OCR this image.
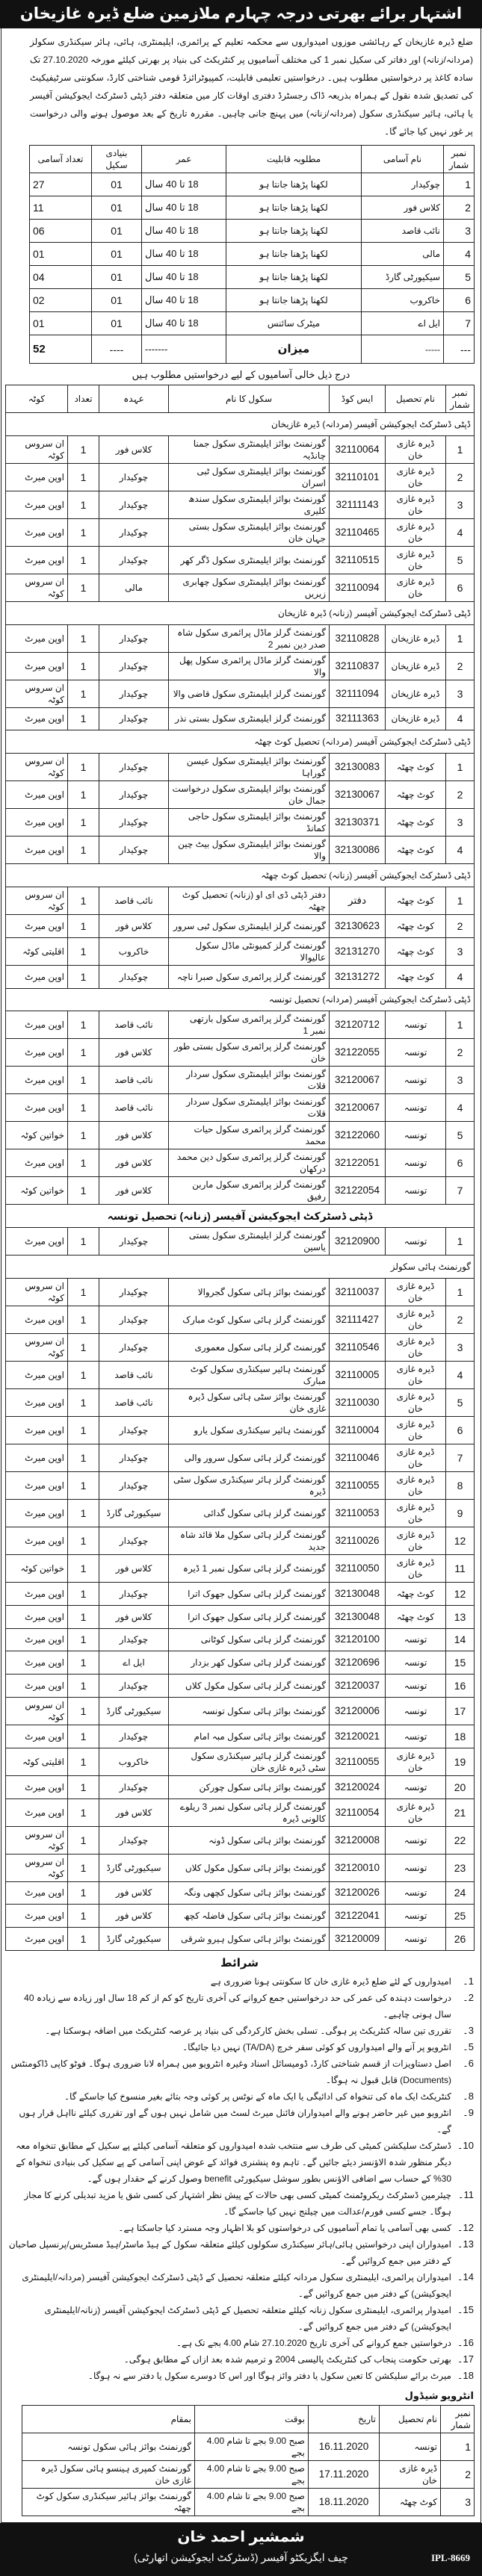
اشتہار برائے بھرتی درجہ چہارم ملازمین ضلع ڈیرہ غازیخان
ضلع ڈیرہ غازیخان کے رہائشی موزوں امیدواروں سے محکمہ تعلیم کے پرائمری، ایلیمنٹری، ہائی، ہائر سیکنڈری سکولز (مردانہ/زنانہ) اور دفاتر کی سکیل نمبر 1 کی مختلف آسامیوں پر کنٹریکٹ کی بنیاد پر بھرتی کیلئے مورخہ 27.10.2020 تک سادہ کاغذ پر درخواستیں مطلوب ہیں۔ درخواستیں تعلیمی قابلیت، کمپیوٹرائزڈ قومی شناختی کارڈ، سکونتی سرٹیفیکیٹ کی تصدیق شدہ نقول کے ہمراہ بذریعہ ڈاک رجسٹرڈ دفتری اوقات کار میں متعلقہ دفتر ڈپٹی ڈسٹرکٹ ایجوکیشن آفیسر یا ہائی، ہائیر سیکنڈری سکول (مردانہ/زنانہ) میں پہنچ جانی چاہیں۔ مقررہ تاریخ کے بعد موصول ہونے والی درخواست پر غور نہیں کیا جائے گا۔
نمبر شمار	نام آسامی	مطلوبہ قابلیت	عمر	بنیادی سکیل	تعداد آسامی
1	چوکیدار	لکھنا پڑھنا جانتا ہو	18 تا 40 سال	01	27
2	کلاس فور	لکھنا پڑھنا جانتا ہو	18 تا 40 سال	01	11
3	نائب قاصد	لکھنا پڑھنا جانتا ہو	18 تا 40 سال	01	06
4	مالی	لکھنا پڑھنا جانتا ہو	18 تا 40 سال	01	01
5	سیکیورٹی گارڈ	لکھنا پڑھنا جانتا ہو	18 تا 40 سال	01	04
6	خاکروب	لکھنا پڑھنا جانتا ہو	18 تا 40 سال	01	02
7	ایل اے	میٹرک سائنس	18 تا 40 سال	01	01
---	-----	میزان	-------	----	52
درج ذیل خالی آسامیوں کے لیے درخواستیں مطلوب ہیں
نمبر شمار	نام تحصیل	ایس کوڈ	سکول کا نام	عہدہ	تعداد	کوٹہ
ڈپٹی ڈسٹرکٹ ایجوکیشن آفیسر (مردانہ) ڈیرہ غازیخان						
1	ڈیرہ غازی خان	32110064	گورنمنٹ بوائز ایلیمنٹری سکول جمنا چانڈیہ	کلاس فور	1	ان سروس کوٹہ
2	ڈیرہ غازی خان	32110101	گورنمنٹ بوائز ایلیمنٹری سکول ٹبی اسران	چوکیدار	1	اوپن میرٹ
3	ڈیرہ غازی خان	32111143	گورنمنٹ بوائز ایلیمنٹری سکول سندھ کلیری	چوکیدار	1	اوپن میرٹ
4	ڈیرہ غازی خان	32110465	گورنمنٹ بوائز ایلیمنٹری سکول بستی جہان خان	چوکیدار	1	اوپن میرٹ
5	ڈیرہ غازی خان	32110515	گورنمنٹ بوائز ایلیمنٹری سکول ڈگر کھر	چوکیدار	1	اوپن میرٹ
6	ڈیرہ غازی خان	32110094	گورنمنٹ بوائز ایلیمنٹری سکول چھابری زیریں	مالی	1	ان سروس کوٹہ
ڈپٹی ڈسٹرکٹ ایجوکیشن آفیسر (زنانہ) ڈیرہ غازیخان						
1	ڈیرہ غازیخان	32110828	گورنمنٹ گرلز ماڈل پرائمری سکول شاہ صدر دین نمبر 2	چوکیدار	1	اوپن میرٹ
2	ڈیرہ غازیخان	32110837	گورنمنٹ گرلز ماڈل پرائمری سکول پھل والا	چوکیدار	1	اوپن میرٹ
3	ڈیرہ غازیخان	32111094	گورنمنٹ گرلز ایلیمنٹری سکول قاضی والا	چوکیدار	1	ان سروس کوٹہ
4	ڈیرہ غازیخان	32111363	گورنمنٹ گرلز ایلیمنٹری سکول بستی نذر	چوکیدار	1	اوپن میرٹ
ڈپٹی ڈسٹرکٹ ایجوکیشن آفیسر (مردانہ) تحصیل کوٹ چھٹہ						
1	کوٹ چھٹہ	32130083	گورنمنٹ بوائز ایلیمنٹری سکول عیسن گوراہا	چوکیدار	1	ان سروس کوٹہ
2	کوٹ چھٹہ	32130067	گورنمنٹ بوائز ایلیمنٹری سکول درخواست جمال خان	چوکیدار	1	اوپن میرٹ
3	کوٹ چھٹہ	32130371	گورنمنٹ بوائز ایلیمنٹری سکول حاجی کمانڈ	چوکیدار	1	اوپن میرٹ
4	کوٹ چھٹہ	32130086	گورنمنٹ بوائز ایلیمنٹری سکول بیٹ چین والا	چوکیدار	1	اوپن میرٹ
ڈپٹی ڈسٹرکٹ ایجوکیشن آفیسر (زنانہ) تحصیل کوٹ چھٹہ						
1	کوٹ چھٹہ	دفتر	دفتر ڈپٹی ڈی ای او (زنانہ) تحصیل کوٹ چھٹہ	نائب قاصد	1	ان سروس کوٹہ
2	کوٹ چھٹہ	32130623	گورنمنٹ گرلز ایلیمنٹری سکول ٹبی سرور	کلاس فور	1	اوپن میرٹ
3	کوٹ چھٹہ	32131270	گورنمنٹ گرلز کمیونٹی ماڈل سکول عالیوالا	خاکروب	1	اقلیتی کوٹہ
4	کوٹ چھٹہ	32131272	گورنمنٹ گرلز پرائمری سکول صبرا ناچہ	چوکیدار	1	اوپن میرٹ
ڈپٹی ڈسٹرکٹ ایجوکیشن آفیسر (مردانہ) تحصیل تونسہ						
1	تونسہ	32120712	گورنمنٹ گرلز پرائمری سکول بارتھی نمبر 1	نائب قاصد	1	اوپن میرٹ
2	تونسہ	32122055	گورنمنٹ گرلز پرائمری سکول بستی طور خان	کلاس فور	1	اوپن میرٹ
3	تونسہ	32120067	گورنمنٹ بوائز ایلیمنٹری سکول سردار قلات	نائب قاصد	1	اوپن میرٹ
4	تونسہ	32120067	گورنمنٹ بوائز ایلیمنٹری سکول سردار قلات	نائب قاصد	1	اوپن میرٹ
5	تونسہ	32122060	گورنمنٹ گرلز پرائمری سکول حیات محمد	کلاس فور	1	خواتین کوٹہ
6	تونسہ	32122051	گورنمنٹ گرلز پرائمری سکول دین محمد درکھان	کلاس فور	1	اوپن میرٹ
7	تونسہ	32122054	گورنمنٹ گرلز پرائمری سکول ماربن رفیق	کلاس فور	1	خواتین کوٹہ
ڈپٹی ڈسٹرکٹ ایجوکیشن آفیسر (زنانہ) تحصیل تونسہ						
1	تونسہ	32120900	گورنمنٹ گرلز ایلیمنٹری سکول بستی یاسین	چوکیدار	1	اوپن میرٹ
گورنمنٹ ہائی سکولز						
1	ڈیرہ غازی خان	32110037	گورنمنٹ بوائز ہائی سکول گجروالا	چوکیدار	1	ان سروس کوٹہ
2	ڈیرہ غازی خان	32111427	گورنمنٹ گرلز ہائی سکول کوٹ مبارک	چوکیدار	1	اوپن میرٹ
3	ڈیرہ غازی خان	32110546	گورنمنٹ گرلز ہائی سکول معموری	چوکیدار	1	ان سروس کوٹہ
4	ڈیرہ غازی خان	32110005	گورنمنٹ ہائیر سیکنڈری سکول کوٹ مبارک	نائب قاصد	1	اوپن میرٹ
5	ڈیرہ غازی خان	32110030	گورنمنٹ بوائز سٹی ہائی سکول ڈیرہ غازی خان	نائب قاصد	1	اوپن میرٹ
6	ڈیرہ غازی خان	32110004	گورنمنٹ ہائیر سیکنڈری سکول یارو	چوکیدار	1	اوپن میرٹ
7	ڈیرہ غازی خان	32110046	گورنمنٹ گرلز ہائی سکول سرور والی	چوکیدار	1	اوپن میرٹ
8	ڈیرہ غازی خان	32110055	گورنمنٹ گرلز ہائر سیکنڈری سکول سٹی ڈیرہ	چوکیدار	1	اوپن میرٹ
9	ڈیرہ غازی خان	32110053	گورنمنٹ گرلز ہائی سکول گدائی	سیکیورٹی گارڈ	1	اوپن میرٹ
12	ڈیرہ غازی خان	32110026	گورنمنٹ گرلز ہائی سکول ملا قائد شاہ جدید	چوکیدار	1	اوپن میرٹ
11	ڈیرہ غازی خان	32110050	گورنمنٹ گرلز ہائی سکول نمبر 1 ڈیرہ	کلاس فور	1	خواتین کوٹہ
12	کوٹ چھٹہ	32130048	گورنمنٹ گرلز ہائی سکول جھوک اترا	چوکیدار	1	اوپن میرٹ
13	کوٹ چھٹہ	32130048	گورنمنٹ گرلز ہائی سکول جھوک اترا	کلاس فور	1	اوپن میرٹ
14	تونسہ	32120100	گورنمنٹ گرلز ہائی سکول کوٹانی	چوکیدار	1	اوپن میرٹ
15	تونسہ	32120696	گورنمنٹ گرلز ہائی سکول کھر بزدار	ایل اے	1	اوپن میرٹ
16	تونسہ	32120037	گورنمنٹ گرلز ہائی سکول مکول کلاں	چوکیدار	1	اوپن میرٹ
17	تونسہ	32120006	گورنمنٹ بوائز ہائی سکول تونسہ	سیکیورٹی گارڈ	1	ان سروس کوٹہ
18	تونسہ	32120021	گورنمنٹ بوائز ہائی سکول مبہ امام	چوکیدار	1	اوپن میرٹ
19	ڈیرہ غازی خان	32110055	گورنمنٹ گرلز ہائیر سیکنڈری سکول سٹی ڈیرہ غازی خان	خاکروب	1	اقلیتی کوٹہ
20	تونسہ	32120024	گورنمنٹ بوائز ہائی سکول چورکن	چوکیدار	1	اوپن میرٹ
21	ڈیرہ غازی خان	32110054	گورنمنٹ گرلز ہائی سکول نمبر 3 ریلوے کالونی ڈیرہ	کلاس فور	1	اوپن میرٹ
22	تونسہ	32120008	گورنمنٹ بوائز ہائی سکول ڈونہ	چوکیدار	1	ان سروس کوٹہ
23	تونسہ	32120010	گورنمنٹ بوائز ہائی سکول مکول کلاں	سیکیورٹی گارڈ	1	ان سروس کوٹہ
24	تونسہ	32120026	گورنمنٹ بوائز ہائی سکول کچھی ونگہ	کلاس فور	1	اوپن میرٹ
25	تونسہ	32122041	گورنمنٹ بوائز ہائی سکول فاضلہ کچھ	کلاس فور	1	اوپن میرٹ
26	تونسہ	32120009	گورنمنٹ بوائز ہائی سکول ہیرو شرقی	سیکیورٹی گارڈ	1	اوپن میرٹ
شرائط
1۔
امیدواروں کے لئے ضلع ڈیرہ غازی خان کا سکونتی ہونا ضروری ہے
2۔
درخواست دہندہ کی عمر کی حد درخواستیں جمع کروانے کی آخری تاریخ کو کم از کم 18 سال اور زیادہ سے زیادہ 40 سال ہونی چاہیے۔
3۔
تقرری تین سالہ کنٹریکٹ پر ہوگی۔ تسلی بخش کارکردگی کی بنیاد پر عرصہ کنٹریکٹ میں اضافہ ہوسکتا ہے۔
5۔
انٹرویو پر آنے والے امیدواروں کو کوئی سفر خرچ (TA/DA) نہیں دیا جائیگا۔
6۔
اصل دستاویزات از قسم شناختی کارڈ، ڈومیسائل اسناد وغیرہ انٹرویو میں ہمراہ لانا ضروری ہوگا۔ فوٹو کاپی ڈاکومنٹس (Documents) قابل قبول نہ ہوگا۔
8۔
کنٹریکٹ ایک ماہ کی تنخواہ کی ادائیگی یا ایک ماہ کے نوٹس پر کوئی وجہ بتائے بغیر منسوخ کیا جاسکے گا۔
9۔
انٹرویو میں غیر حاضر ہونے والے امیدواران فائنل میرٹ لسٹ میں شامل نہیں ہوں گے اور تقرری کیلئے نااہل قرار ہوں گے۔
10۔
ڈسٹرکٹ سلیکشن کمیٹی کی طرف سے منتخب شدہ امیدواروں کو متعلقہ آسامی کیلئے پے سکیل کے مطابق تنخواہ معہ دیگر منظور شدہ الاؤنسز دیئے جائیں گے۔ تاہم وہ پنشنری فوائد کے عوض اپنی آسامی کے پے سکیل کی بنیادی تنخواہ کے 30% کے حساب سے اضافی الاؤنس بطور سوشل سیکیورٹی benefit وصول کرنے کے حقدار ہوں گے۔
11۔
چیئرمین ڈسٹرکٹ ریکروٹمنٹ کمیٹی کسی بھی حالات کے پیش نظر اشتہار کی کسی شق یا مزید تبدیلی کرنے کا مجاز ہوگا۔ جسے کسی فورم/عدالت میں چیلنج نہیں کیا جاسکے گا۔
12۔
کسی بھی آسامی یا تمام آسامیوں کی درخواستوں کو بلا اظہار وجہ مسترد کیا جاسکتا ہے۔
13۔
امیدواران اپنی درخواستیں ہائی/ہائر سیکنڈری سکولوں کیلئے متعلقہ سکول کے ہیڈ ماسٹر/ہیڈ مسٹریس/پرنسپل صاحبان کے دفتر میں جمع کروائیں گے۔
14۔
امیدواران پرائمری، ایلیمنٹری سکول مردانہ کیلئے متعلقہ تحصیل کے ڈپٹی ڈسٹرکٹ ایجوکیشن آفیسر (مردانہ/ایلیمنٹری ایجوکیشن) کے دفتر میں جمع کروائیں گے۔
15۔
امیدوار پرائمری، ایلیمنٹری سکول زنانہ کیلئے متعلقہ تحصیل کے ڈپٹی ڈسٹرکٹ ایجوکیشن آفیسر (زنانہ/ایلیمنٹری ایجوکیشن) کے دفتر میں جمع کروائیں گے۔
16۔
درخواستیں جمع کروانے کی آخری تاریخ 27.10.2020 شام 4.00 بجے تک ہے۔
17۔
بھرتی حکومت پنجاب کی کنٹریکٹ پالیسی 2004 و ترمیم شدہ بعد ازاں کے مطابق ہوگی۔
18۔
میرٹ برائے سلیکشن کا تعین سکول یا دفتر وائز ہوگا اور اس کا دوسرے سکول یا دفتر سے نہ ہوگا۔
انٹرویو شیڈول
نمبر شمار	نام تحصیل	تاریخ	بوقت	بمقام
1	تونسہ	16.11.2020	صبح 9.00 بجے تا شام 4.00 بجے	گورنمنٹ بوائز ہائی سکول تونسہ
2	ڈیرہ غازی خان	17.11.2020	صبح 9.00 بجے تا شام 4.00 بجے	گورنمنٹ کمپری ہینسو ہائی سکول ڈیرہ غازی خان
3	کوٹ چھٹہ	18.11.2020	صبح 9.00 بجے تا شام 4.00 بجے	گورنمنٹ بوائز ہائیر سیکنڈری سکول کوٹ چھٹہ
شمشیر احمد خان
چیف ایگزیکٹو آفیسر (ڈسٹرکٹ ایجوکیشن اتھارٹی)	IPL-8669
